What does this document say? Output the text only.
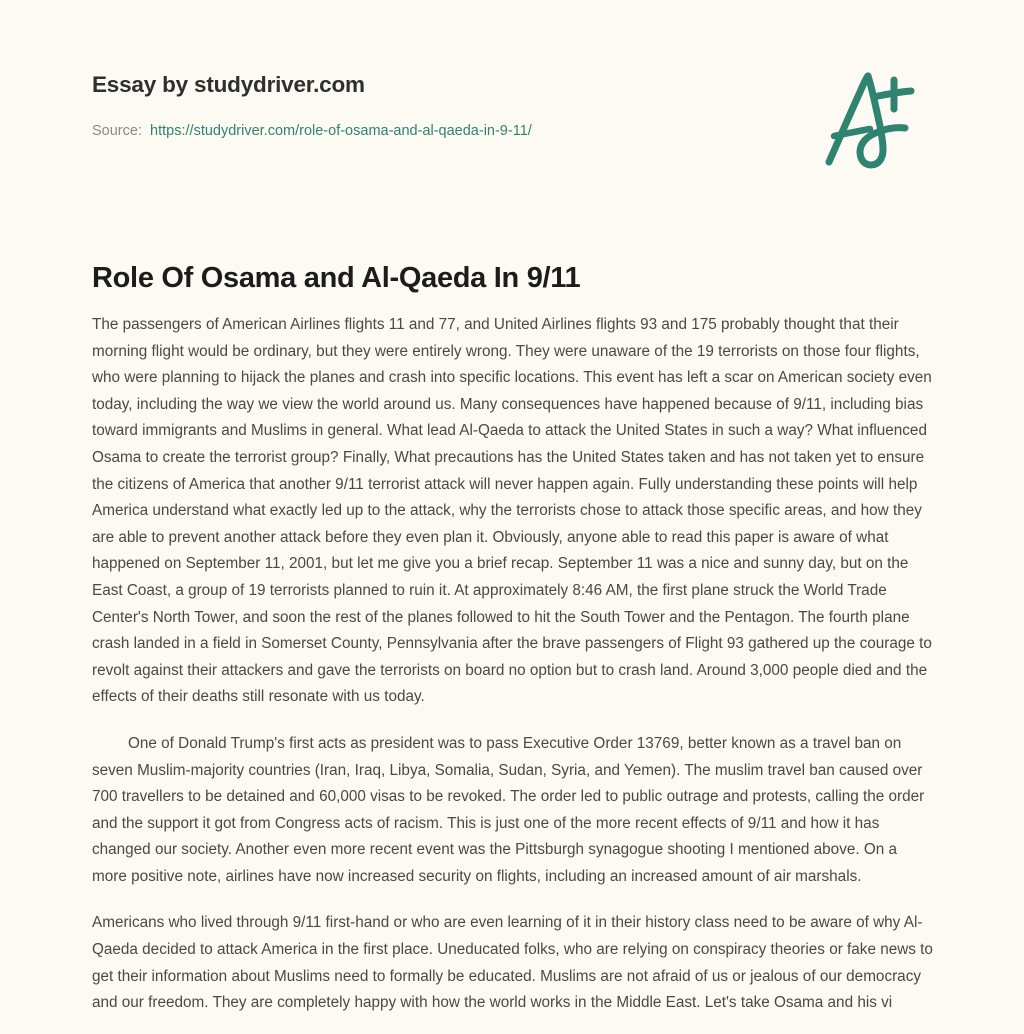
Essay by studydriver.com
Source: https://studydriver.com/role-of-osama-and-al-qaeda-in-9-11/
Role Of Osama and Al-Qaeda In 9/11

The passengers of American Airlines flights 11 and 77, and United Airlines flights 93 and 175 probably thought that their morning flight would be ordinary, but they were entirely wrong. They were unaware of the 19 terrorists on those four flights, who were planning to hijack the planes and crash into specific locations. This event has left a scar on American society even today, including the way we view the world around us. Many consequences have happened because of 9/11, including bias toward immigrants and Muslims in general. What lead Al-Qaeda to attack the United States in such a way? What influenced Osama to create the terrorist group? Finally, What precautions has the United States taken and has not taken yet to ensure the citizens of America that another 9/11 terrorist attack will never happen again. Fully understanding these points will help America understand what exactly led up to the attack, why the terrorists chose to attack those specific areas, and how they are able to prevent another attack before they even plan it. Obviously, anyone able to read this paper is aware of what happened on September 11, 2001, but let me give you a brief recap. September 11 was a nice and sunny day, but on the East Coast, a group of 19 terrorists planned to ruin it. At approximately 8:46 AM, the first plane struck the World Trade Center's North Tower, and soon the rest of the planes followed to hit the South Tower and the Pentagon. The fourth plane crash landed in a field in Somerset County, Pennsylvania after the brave passengers of Flight 93 gathered up the courage to revolt against their attackers and gave the terrorists on board no option but to crash land. Around 3,000 people died and the effects of their deaths still resonate with us today.

One of Donald Trump's first acts as president was to pass Executive Order 13769, better known as a travel ban on seven Muslim-majority countries (Iran, Iraq, Libya, Somalia, Sudan, Syria, and Yemen). The muslim travel ban caused over 700 travellers to be detained and 60,000 visas to be revoked. The order led to public outrage and protests, calling the order and the support it got from Congress acts of racism. This is just one of the more recent effects of 9/11 and how it has changed our society. Another even more recent event was the Pittsburgh synagogue shooting I mentioned above. On a more positive note, airlines have now increased security on flights, including an increased amount of air marshals.

Americans who lived through 9/11 first-hand or who are even learning of it in their history class need to be aware of why Al-Qaeda decided to attack America in the first place. Uneducated folks, who are relying on conspiracy theories or fake news to get their information about Muslims need to formally be educated. Muslims are not afraid of us or jealous of our democracy and our freedom. They are completely happy with how the world works in the Middle East. Let's take Osama and his vi
